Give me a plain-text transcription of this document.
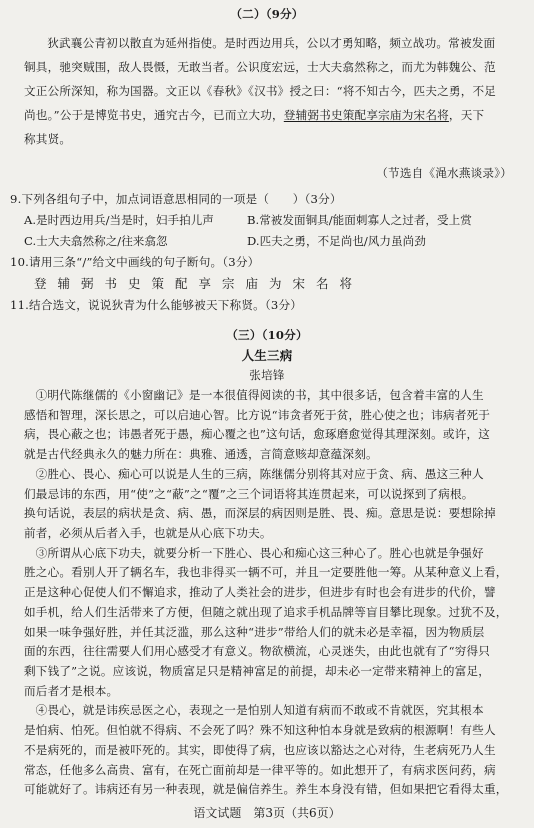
（二）（9分）
狄武襄公青初以散直为延州指使。是时西边用兵，公以才勇知略，频立战功。常被发面
铜具，驰突贼围，敌人畏慑，无敢当者。公识度宏远，士大夫翕然称之，而尤为韩魏公、范
文正公所深知，称为国器。文正以《春秋》《汉书》授之曰：“将不知古今，匹夫之勇，不足
尚也。”公于是博览书史，通究古今，已而立大功，登辅弼书史策配享宗庙为宋名将，天下
称其贤。
（节选自《渑水燕谈录》）
9.下列各组句子中，加点词语意思相同的一项是（　　）（3分）
A.是时西边用兵/当是时，妇手拍儿声	B.常被发面铜具/能面刺寡人之过者，受上赏
C.士大夫翕然称之/往来翕忽	D.匹夫之勇，不足尚也/风力虽尚劲
10.请用三条“/”给文中画线的句子断句。（3分）
登辅弼书史策配享宗庙为宋名将
11.结合选文，说说狄青为什么能够被天下称贤。（3分）
（三）（10分）
人生三病
张培锋
①明代陈继儒的《小窗幽记》是一本很值得阅读的书，其中很多话，包含着丰富的人生
感悟和智理，深长思之，可以启迪心智。比方说“讳贪者死于贫，胜心使之也；讳病者死于
病，畏心蔽之也；讳愚者死于愚，痴心覆之也”这句话，愈琢磨愈觉得其理深刻。或许，这
就是古代经典永久的魅力所在：典雅、通透，言简意赅却意蕴深刻。
②胜心、畏心、痴心可以说是人生的三病，陈继儒分别将其对应于贪、病、愚这三种人
们最忌讳的东西，用“使”之“蔽”之“覆”之三个词语将其连贯起来，可以说探到了病根。
换句话说，表层的病状是贪、病、愚，而深层的病因则是胜、畏、痴。意思是说：要想除掉
前者，必须从后者入手，也就是从心底下功夫。
③所谓从心底下功夫，就要分析一下胜心、畏心和痴心这三种心了。胜心也就是争强好
胜之心。看别人开了辆名车，我也非得买一辆不可，并且一定要胜他一筹。从某种意义上看，
正是这种心促使人们不懈追求，推动了人类社会的进步，但进步有时也会有进步的代价，譬
如手机，给人们生活带来了方便，但随之就出现了追求手机品牌等盲目攀比现象。过犹不及，
如果一味争强好胜，并任其泛滥，那么这种“进步”带给人们的就未必是幸福，因为物质层
面的东西，往往需要人们用心感受才有意义。物欲横流，心灵迷失，由此也就有了“穷得只
剩下钱了”之说。应该说，物质富足只是精神富足的前提，却未必一定带来精神上的富足，
而后者才是根本。
④畏心，就是讳疾忌医之心，表现之一是怕别人知道有病而不敢或不肯就医，究其根本
是怕病、怕死。但怕就不得病、不会死了吗？殊不知这种怕本身就是致病的根源啊！有些人
不是病死的，而是被吓死的。其实，即使得了病，也应该以豁达之心对待，生老病死乃人生
语文试题　第3页（共6页）
常态，任他多么高贵、富有，在死亡面前却是一律平等的。如此想开了，有病求医问药，病
可能就好了。讳病还有另一种表现，就是偏信养生。养生本身没有错，但如果把它看得太重，
